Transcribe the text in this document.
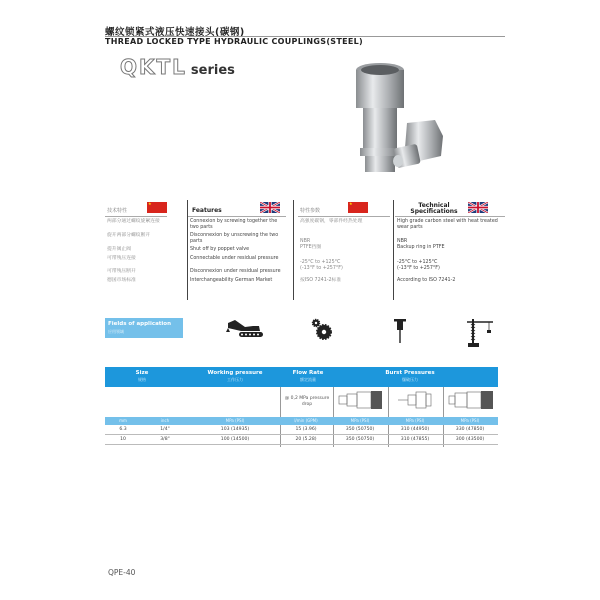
螺纹锁紧式液压快速接头(碳钢)
THREAD LOCKED TYPE HYDRAULIC COUPLINGS(STEEL)
QKTL series
技术特性
★
两部分通过螺纹旋紧连接
旋开两部分螺纹断开
提升阀止阀
可带残压连接
可带残压断开
德国市场标准
Features
Connexion by screwing together the two parts
Disconnexion by unscrewing the two parts
Shut off by poppet valve
Connectable under residual pressure
Disconnexion under residual pressure
Interchangeability German Market
特性参数
★
高强度碳钢，零部件经热处理
NBR
PTFE挡圈
-25°C to +125°C
(-13°F to +257°F)
按ISO 7241-2标准
Technical Specifications
High grade carbon steel with heat treated wear parts
NBR
Backup ring in PTFE
-25°C to +125°C
(-13°F to +257°F)
According to ISO 7241-2
Fields of application
应用领域
Size
规格
Working pressure
工作压力
Flow Rate
额定流量
Burst Pressures
爆破压力
@ 0,2 MPa pressure drop
mm	inch	MPa (PSI)	l/min (GPM)	MPa (PSI)	MPa (PSI)	MPa (PSI)
6.3	1/4"	103 (14935)	15 (3.96)	350 (50750)	310 (44950)	330 (47850)
10	3/8"	100 (14500)	20 (5.28)	350 (50750)	310 (47855)	300 (43500)
QPE-40
